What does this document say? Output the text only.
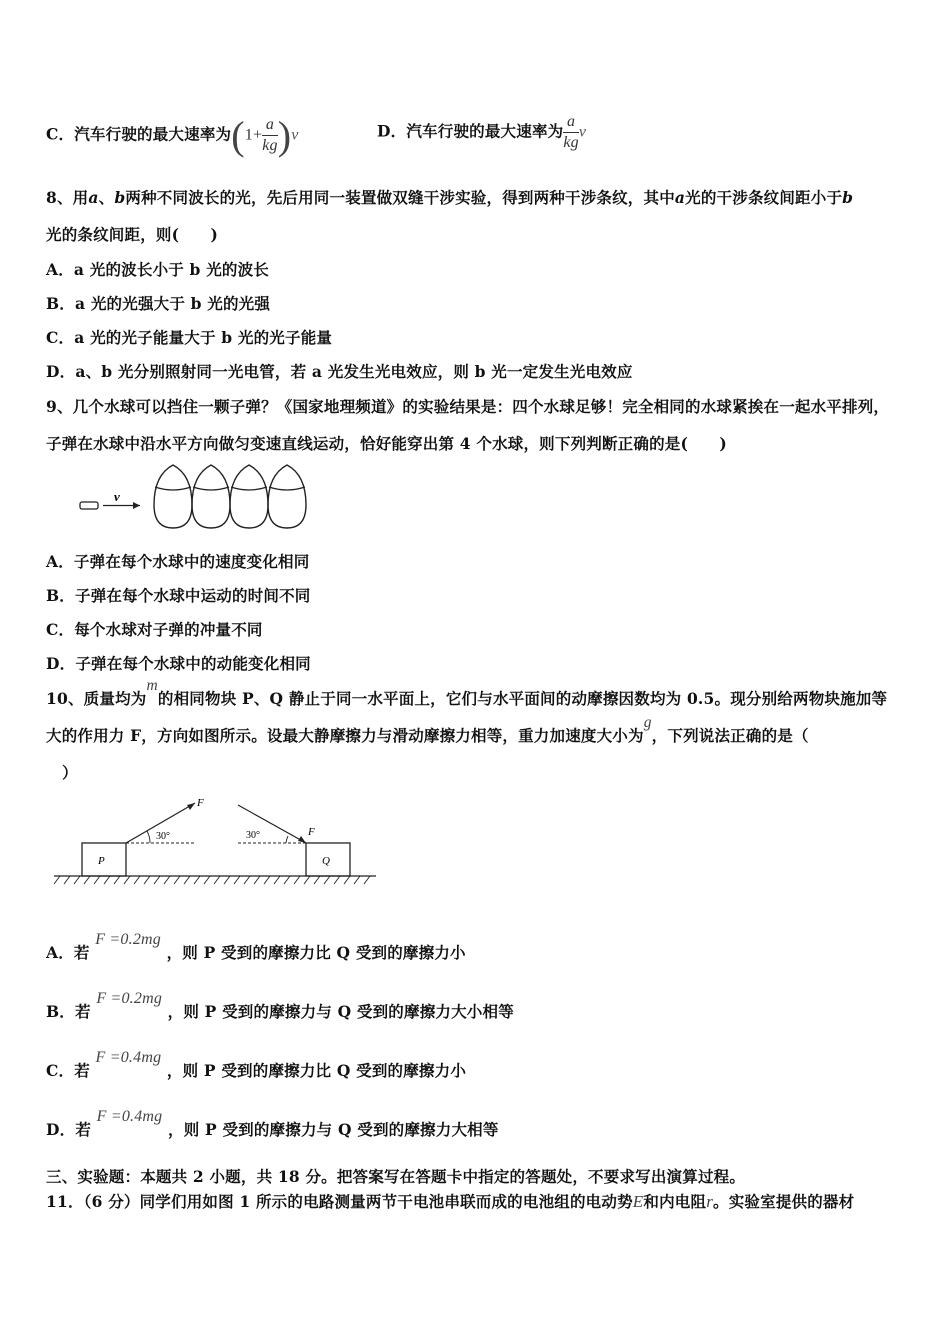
C．汽车行驶的最大速率为$(1+ \frac{a}{kg} )v$	D．汽车行驶的最大速率为 $\frac{a}{kg}$ v
8、用a、b两种不同波长的光，先后用同一装置做双缝干涉实验，得到两种干涉条纹，其中a光的干涉条纹间距小于b
光的条纹间距，则(　　)
A．a 光的波长小于 b 光的波长
B．a 光的光强大于 b 光的光强
C．a 光的光子能量大于 b 光的光子能量
D．a、b 光分别照射同一光电管，若 a 光发生光电效应，则 b 光一定发生光电效应
9、几个水球可以挡住一颗子弹？《国家地理频道》的实验结果是：四个水球足够！完全相同的水球紧挨在一起水平排列，
子弹在水球中沿水平方向做匀变速直线运动，恰好能穿出第 4 个水球，则下列判断正确的是(　　)
v
A．子弹在每个水球中的速度变化相同
B．子弹在每个水球中运动的时间不同
C．每个水球对子弹的冲量不同
D．子弹在每个水球中的动能变化相同
10、质量均为m的相同物块 P、Q 静止于同一水平面上，它们与水平面间的动摩擦因数均为 0.5。现分别给两物块施加等
大的作用力 F，方向如图所示。设最大静摩擦力与滑动摩擦力相等，重力加速度大小为g，下列说法正确的是（
）
F
F
30°	30°
P	Q
A．若 F =0.2mg ，则 P 受到的摩擦力比 Q 受到的摩擦力小
B．若 F =0.2mg ，则 P 受到的摩擦力与 Q 受到的摩擦力大小相等
C．若 F =0.4mg ，则 P 受到的摩擦力比 Q 受到的摩擦力小
D．若 F =0.4mg ，则 P 受到的摩擦力与 Q 受到的摩擦力大相等
三、实验题：本题共 2 小题，共 18 分。把答案写在答题卡中指定的答题处，不要求写出演算过程。
11．（6 分）同学们用如图 1 所示的电路测量两节干电池串联而成的电池组的电动势E和内电阻r。实验室提供的器材
